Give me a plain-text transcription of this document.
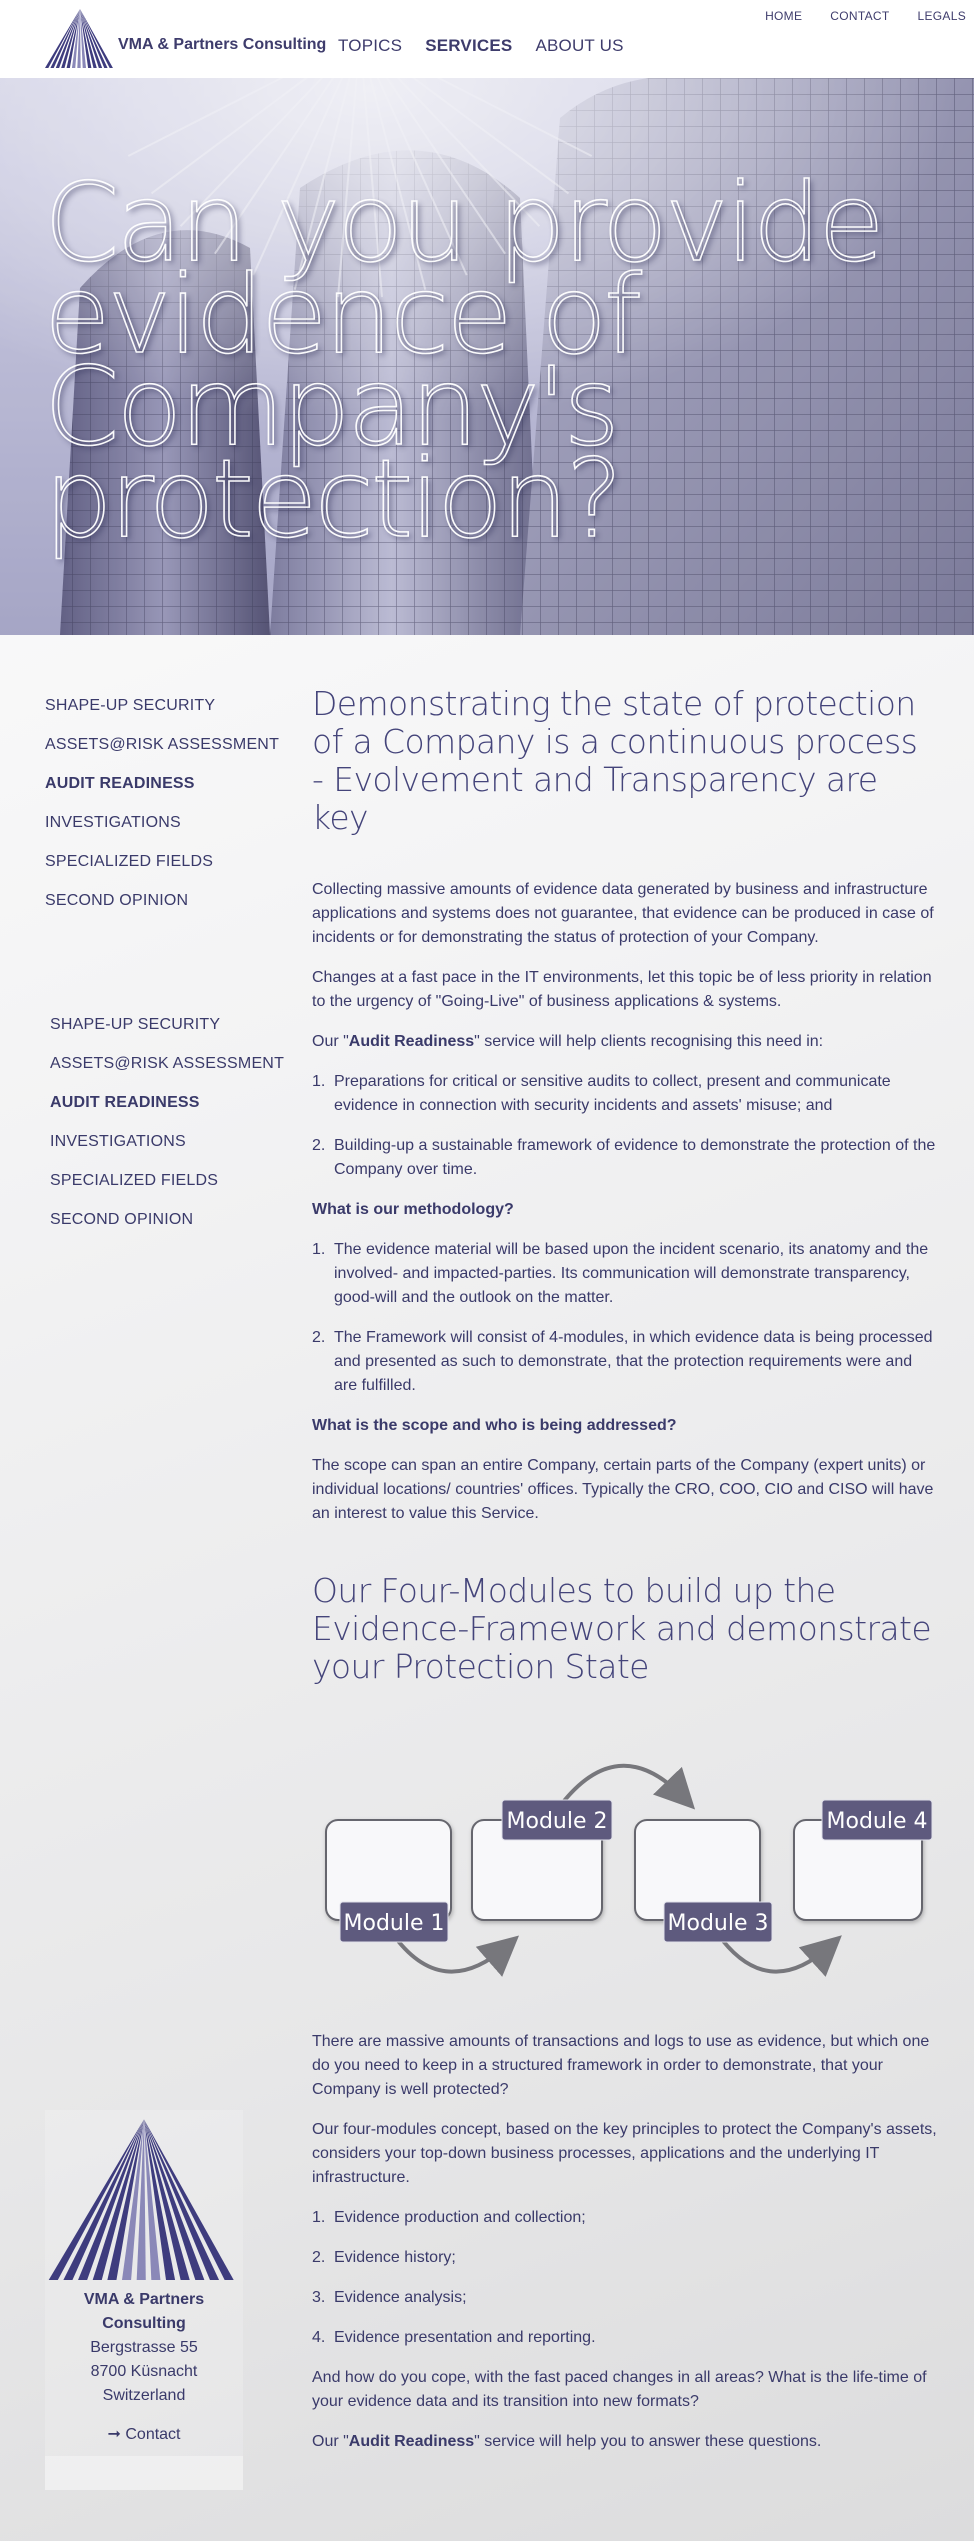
VMA & Partners Consulting TOPICS SERVICES ABOUT US
HOME CONTACT LEGALS
Can you provide
evidence of
Company's
protection?
SHAPE-UP SECURITY
ASSETS@RISK ASSESSMENT
AUDIT READINESS
INVESTIGATIONS
SPECIALIZED FIELDS
SECOND OPINION
SHAPE-UP SECURITY
ASSETS@RISK ASSESSMENT
AUDIT READINESS
INVESTIGATIONS
SPECIALIZED FIELDS
SECOND OPINION
Demonstrating the state of protection of a Company is a continuous process - Evolvement and Transparency are key

Collecting massive amounts of evidence data generated by business and infrastructure applications and systems does not guarantee, that evidence can be produced in case of incidents or for demonstrating the status of protection of your Company.

Changes at a fast pace in the IT environments, let this topic be of less priority in relation to the urgency of "Going-Live" of business applications & systems.

Our "Audit Readiness" service will help clients recognising this need in:

1. Preparations for critical or sensitive audits to collect, present and communicate evidence in connection with security incidents and assets' misuse; and
2. Building-up a sustainable framework of evidence to demonstrate the protection of the Company over time.
What is our methodology?
1. The evidence material will be based upon the incident scenario, its anatomy and the involved- and impacted-parties. Its communication will demonstrate transparency, good-will and the outlook on the matter.
2. The Framework will consist of 4-modules, in which evidence data is being processed and presented as such to demonstrate, that the protection requirements were and are fulfilled.
What is the scope and who is being addressed?

The scope can span an entire Company, certain parts of the Company (expert units) or individual locations/ countries' offices. Typically the CRO, COO, CIO and CISO will have an interest to value this Service.

Our Four-Modules to build up the Evidence-Framework and demonstrate your Protection State
Module 1
Module 2
Module 3
Module 4

There are massive amounts of transactions and logs to use as evidence, but which one do you need to keep in a structured framework in order to demonstrate, that your Company is well protected?

Our four-modules concept, based on the key principles to protect the Company's assets, considers your top-down business processes, applications and the underlying IT infrastructure.

1. Evidence production and collection;
2. Evidence history;
3. Evidence analysis;
4. Evidence presentation and reporting.

And how do you cope, with the fast paced changes in all areas? What is the life-time of your evidence data and its transition into new formats?

Our "Audit Readiness" service will help you to answer these questions.

VMA & Partners
Consulting
Bergstrasse 55
8700 Küsnacht
Switzerland
➞ Contact
